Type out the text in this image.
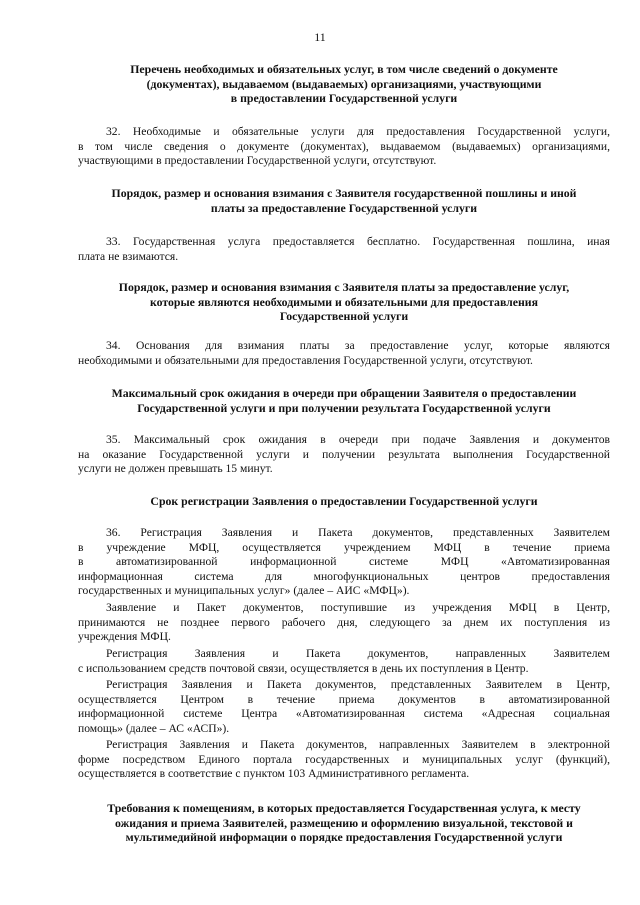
11
Перечень необходимых и обязательных услуг, в том числе сведений о документе
(документах), выдаваемом (выдаваемых) организациями, участвующими
в предоставлении Государственной услуги
32. Необходимые и обязательные услуги для предоставления Государственной услуги,
в том числе сведения о документе (документах), выдаваемом (выдаваемых) организациями,
участвующими в предоставлении Государственной услуги, отсутствуют.
Порядок, размер и основания взимания с Заявителя государственной пошлины и иной
платы за предоставление Государственной услуги
33. Государственная услуга предоставляется бесплатно. Государственная пошлина, иная
плата не взимаются.
Порядок, размер и основания взимания с Заявителя платы за предоставление услуг,
которые являются необходимыми и обязательными для предоставления
Государственной услуги
34. Основания для взимания платы за предоставление услуг, которые являются
необходимыми и обязательными для предоставления Государственной услуги, отсутствуют.
Максимальный срок ожидания в очереди при обращении Заявителя о предоставлении
Государственной услуги и при получении результата Государственной услуги
35. Максимальный срок ожидания в очереди при подаче Заявления и документов
на оказание Государственной услуги и получении результата выполнения Государственной
услуги не должен превышать 15 минут.
Срок регистрации Заявления о предоставлении Государственной услуги
36. Регистрация Заявления и Пакета документов, представленных Заявителем
в учреждение МФЦ, осуществляется учреждением МФЦ в течение приема
в автоматизированной информационной системе МФЦ «Автоматизированная
информационная система для многофункциональных центров предоставления
государственных и муниципальных услуг» (далее – АИС «МФЦ»).
Заявление и Пакет документов, поступившие из учреждения МФЦ в Центр,
принимаются не позднее первого рабочего дня, следующего за днем их поступления из
учреждения МФЦ.
Регистрация Заявления и Пакета документов, направленных Заявителем
с использованием средств почтовой связи, осуществляется в день их поступления в Центр.
Регистрация Заявления и Пакета документов, представленных Заявителем в Центр,
осуществляется Центром в течение приема документов в автоматизированной
информационной системе Центра «Автоматизированная система «Адресная социальная
помощь» (далее – АС «АСП»).
Регистрация Заявления и Пакета документов, направленных Заявителем в электронной
форме посредством Единого портала государственных и муниципальных услуг (функций),
осуществляется в соответствие с пунктом 103 Административного регламента.
Требования к помещениям, в которых предоставляется Государственная услуга, к месту
ожидания и приема Заявителей, размещению и оформлению визуальной, текстовой и
мультимедийной информации о порядке предоставления Государственной услуги
